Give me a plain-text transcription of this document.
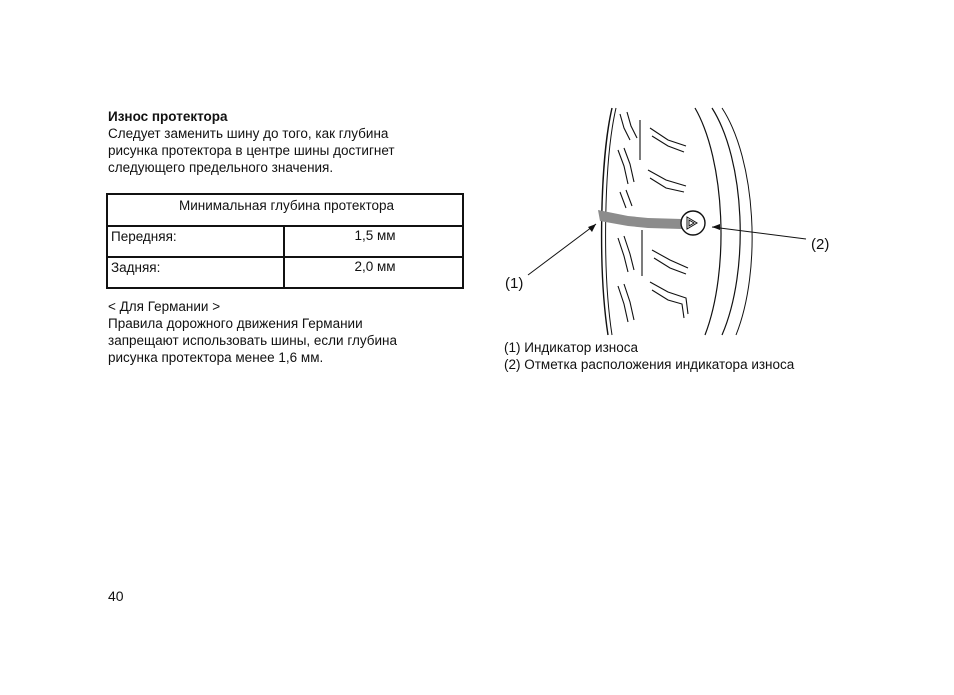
Износ протектора
Следует заменить шину до того, как глубина
рисунка протектора в центре шины достигнет
следующего предельного значения.
Минимальная глубина протектора	
Передняя:	1,5 мм
Задняя:	2,0 мм
< Для Германии >
Правила дорожного движения Германии
запрещают использовать шины, если глубина
рисунка протектора менее 1,6 мм.
(1)
(2)
(1) Индикатор износа
(2) Отметка расположения индикатора износа
40
